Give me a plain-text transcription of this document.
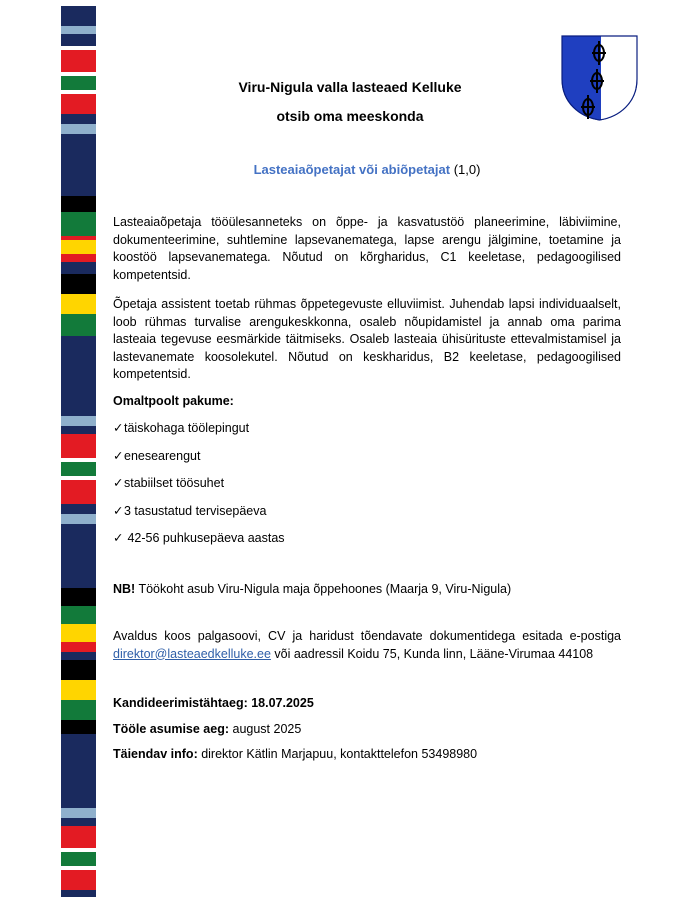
Viru-Nigula valla lasteaed Kelluke
otsib oma meeskonda
Lasteaiaõpetajat või abiõpetajat (1,0)

Lasteaiaõpetaja tööülesanneteks on õppe- ja kasvatustöö planeerimine, läbiviimine, dokumenteerimine, suhtlemine lapsevanematega, lapse arengu jälgimine, toetamine ja koostöö lapsevanematega. Nõutud on kõrgharidus, C1 keeletase, pedagoogilised kompetentsid.

Õpetaja assistent toetab rühmas õppetegevuste elluviimist. Juhendab lapsi individuaalselt, loob rühmas turvalise arengukeskkonna, osaleb nõupidamistel ja annab oma parima lasteaia tegevuse eesmärkide täitmiseks. Osaleb lasteaia ühisürituste ettevalmistamisel ja lastevanemate koosolekutel. Nõutud on keskharidus, B2 keeletase, pedagoogilised kompetentsid.

Omaltpoolt pakume:

✓ täiskohaga töölepingut
✓ enesearengut
✓ stabiilset töösuhet
✓ 3 tasustatud tervisepäeva
✓ 42-56 puhkusepäeva aastas

NB! Töökoht asub Viru-Nigula maja õppehoones (Maarja 9, Viru-Nigula)

Avaldus koos palgasoovi, CV ja haridust tõendavate dokumentidega esitada e-postiga direktor@lasteaedkelluke.ee või aadressil Koidu 75, Kunda linn, Lääne-Virumaa 44108

Kandideerimistähtaeg: 18.07.2025

Tööle asumise aeg: august 2025

Täiendav info: direktor Kätlin Marjapuu, kontakttelefon 53498980
